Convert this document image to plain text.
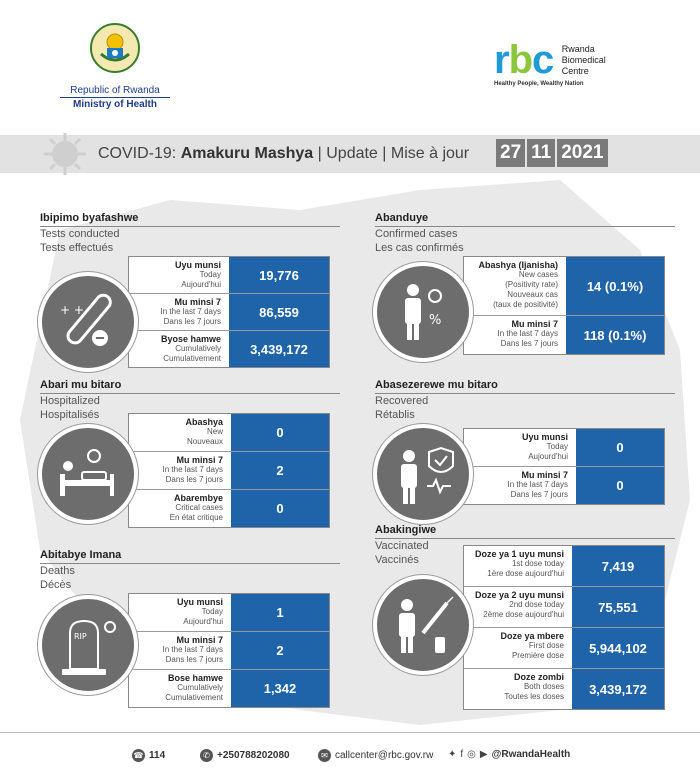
Republic of Rwanda
Ministry of Health
rbc Rwanda
Biomedical
Centre
Healthy People, Wealthy Nation
COVID-19: Amakuru Mashya | Update | Mise à jour 27 11 2021
Ibipimo byafashwe
Tests conducted
Tests effectués
+ +
Uyu munsi
Today
Aujourd'hui
19,776
Mu minsi 7
In the last 7 days
Dans les 7 jours
86,559
Byose hamwe
Cumulatively
Cumulativement
3,439,172
Abanduye
Confirmed cases
Les cas confirmés
%
Abashya (Ijanisha)
New cases
(Positivity rate)
Nouveaux cas
(taux de positivité)
14 (0.1%)
Mu minsi 7
In the last 7 days
Dans les 7 jours
118 (0.1%)
Abari mu bitaro
Hospitalized
Hospitalisés
Abashya
New
Nouveaux
0
Mu minsi 7
In the last 7 days
Dans les 7 jours
2
Abarembye
Critical cases
En état critique
0
Abasezerewe mu bitaro
Recovered
Rétablis
Uyu munsi
Today
Aujourd'hui
0
Mu minsi 7
In the last 7 days
Dans les 7 jours
0
Abitabye Imana
Deaths
Décès
RIP
Uyu munsi
Today
Aujourd'hui
1
Mu minsi 7
In the last 7 days
Dans les 7 jours
2
Bose hamwe
Cumulatively
Cumulativement
1,342
Abakingiwe
Vaccinated
Vaccinés	Doze ya 1 uyu munsi
1st dose today
1ère dose aujourd'hui	7,419
Doze ya 2 uyu munsi
2nd dose today
2ème dose aujourd'hui	75,551
Doze ya mbere
First dose
Première dose	5,944,102
Doze zombi
Both doses
Toutes les doses	3,439,172
☎ 114	✆ +250788202080	✉ callcenter@rbc.gov.rw ✦ f ◎ ▶ @RwandaHealth
